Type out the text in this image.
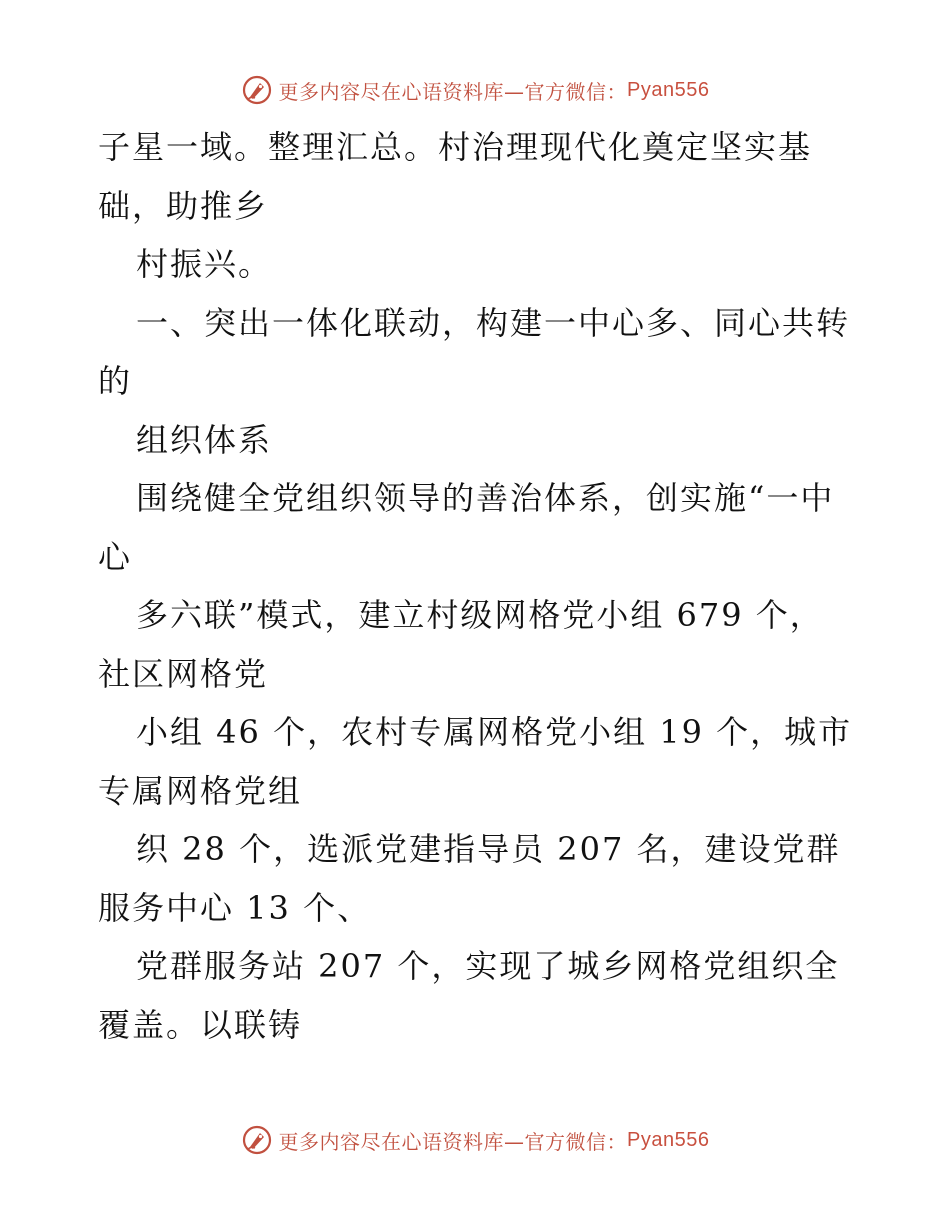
更多内容尽在心语资料库—官方微信： Pyan556
子星一域。整理汇总。村治理现代化奠定坚实基
础，助推乡
村振兴。
一、突出一体化联动，构建一中心多、同心共转
的
组织体系
围绕健全党组织领导的善治体系，创实施“一中
心
多六联”模式，建立村级网格党小组 679 个，
社区网格党
小组 46 个，农村专属网格党小组 19 个，城市
专属网格党组
织 28 个，选派党建指导员 207 名，建设党群
服务中心 13 个、
党群服务站 207 个，实现了城乡网格党组织全
覆盖。以联铸
更多内容尽在心语资料库—官方微信： Pyan556
